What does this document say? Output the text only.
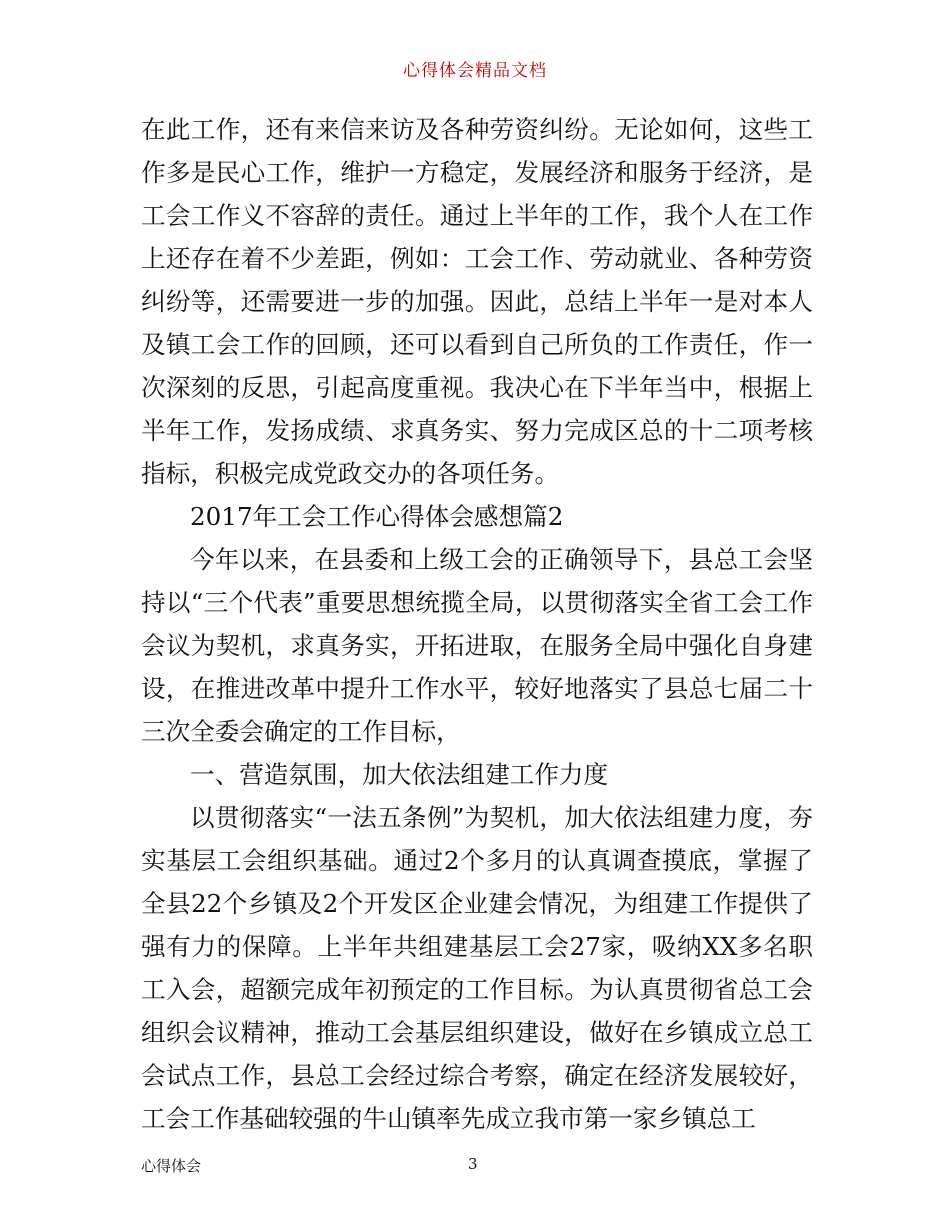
心得体会精品文档

在此工作，还有来信来访及各种劳资纠纷。无论如何，这些工作多是民心工作，维护一方稳定，发展经济和服务于经济，是工会工作义不容辞的责任。通过上半年的工作，我个人在工作上还存在着不少差距，例如：工会工作、劳动就业、各种劳资纠纷等，还需要进一步的加强。因此，总结上半年一是对本人及镇工会工作的回顾，还可以看到自己所负的工作责任，作一次深刻的反思，引起高度重视。我决心在下半年当中，根据上半年工作，发扬成绩、求真务实、努力完成区总的十二项考核指标，积极完成党政交办的各项任务。

2017年工会工作心得体会感想篇2

今年以来，在县委和上级工会的正确领导下，县总工会坚持以“三个代表”重要思想统揽全局，以贯彻落实全省工会工作会议为契机，求真务实，开拓进取，在服务全局中强化自身建设，在推进改革中提升工作水平，较好地落实了县总七届二十三次全委会确定的工作目标，

一、营造氛围，加大依法组建工作力度

以贯彻落实“一法五条例”为契机，加大依法组建力度，夯实基层工会组织基础。通过2个多月的认真调查摸底，掌握了全县22个乡镇及2个开发区企业建会情况，为组建工作提供了强有力的保障。上半年共组建基层工会27家，吸纳XX多名职工入会，超额完成年初预定的工作目标。为认真贯彻省总工会组织会议精神，推动工会基层组织建设，做好在乡镇成立总工会试点工作，县总工会经过综合考察，确定在经济发展较好，工会工作基础较强的牛山镇率先成立我市第一家乡镇总工

心得体会	3
